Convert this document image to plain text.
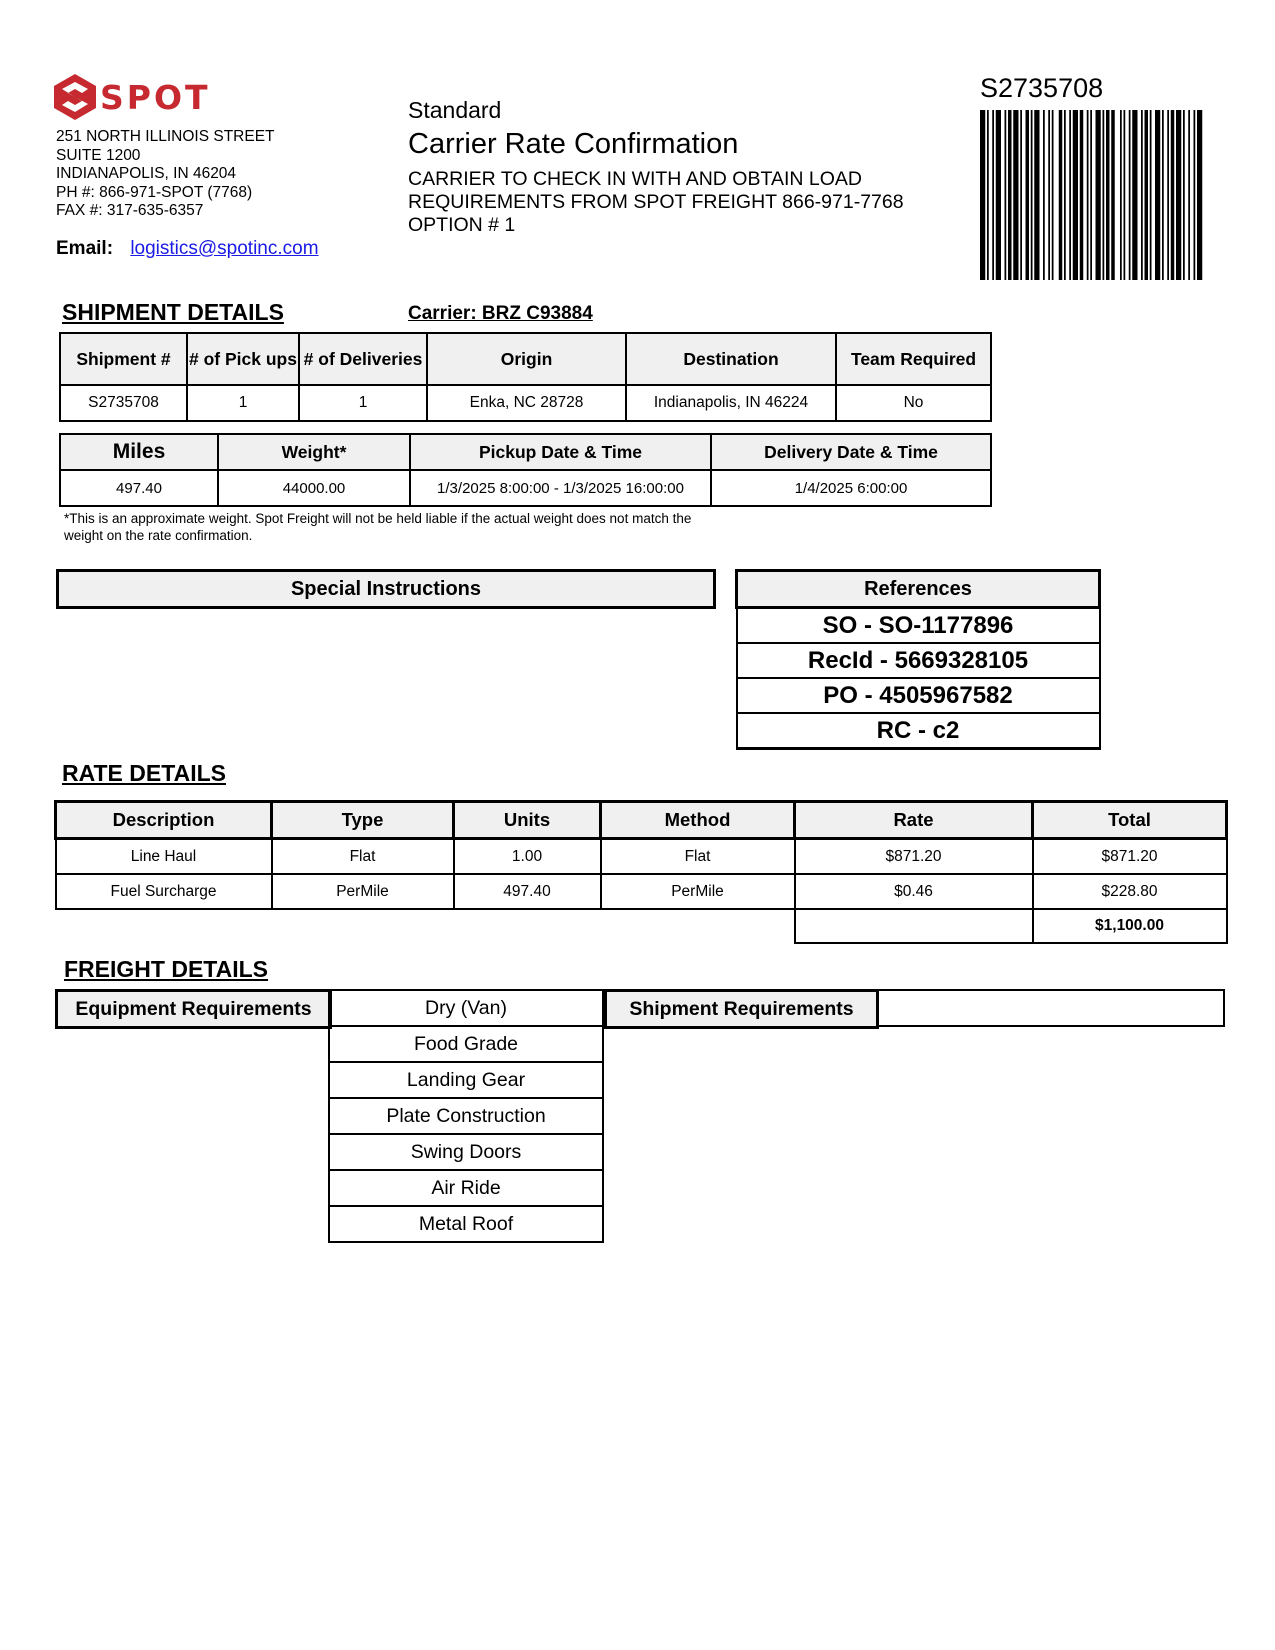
SPOT
251 NORTH ILLINOIS STREET
SUITE 1200
INDIANAPOLIS, IN 46204
PH #: 866-971-SPOT (7768)
FAX #: 317-635-6357
Email: logistics@spotinc.com
Standard
Carrier Rate Confirmation
CARRIER TO CHECK IN WITH AND OBTAIN LOAD
REQUIREMENTS FROM SPOT FREIGHT 866-971-7768
OPTION # 1
S2735708
SHIPMENT DETAILS	Carrier: BRZ C93884
Shipment #	# of Pick ups	# of Deliveries	Origin	Destination	Team Required
S2735708	1	1	Enka, NC 28728	Indianapolis, IN 46224	No
Miles	Weight*	Pickup Date & Time	Delivery Date & Time
497.40	44000.00	1/3/2025 8:00:00 - 1/3/2025 16:00:00	1/4/2025 6:00:00
*This is an approximate weight. Spot Freight will not be held liable if the actual weight does not match the weight on the rate confirmation.
Special Instructions	References
SO - SO-1177896
RecId - 5669328105
PO - 4505967582
RC - c2
RATE DETAILS
Description	Type	Units	Method	Rate	Total
Line Haul	Flat	1.00	Flat	$871.20	$871.20
Fuel Surcharge	PerMile	497.40	PerMile	$0.46	$228.80
					$1,100.00
FREIGHT DETAILS
Equipment Requirements	Dry (Van)
Food Grade
Landing Gear
Plate Construction
Swing Doors
Air Ride
Metal Roof
Shipment Requirements
